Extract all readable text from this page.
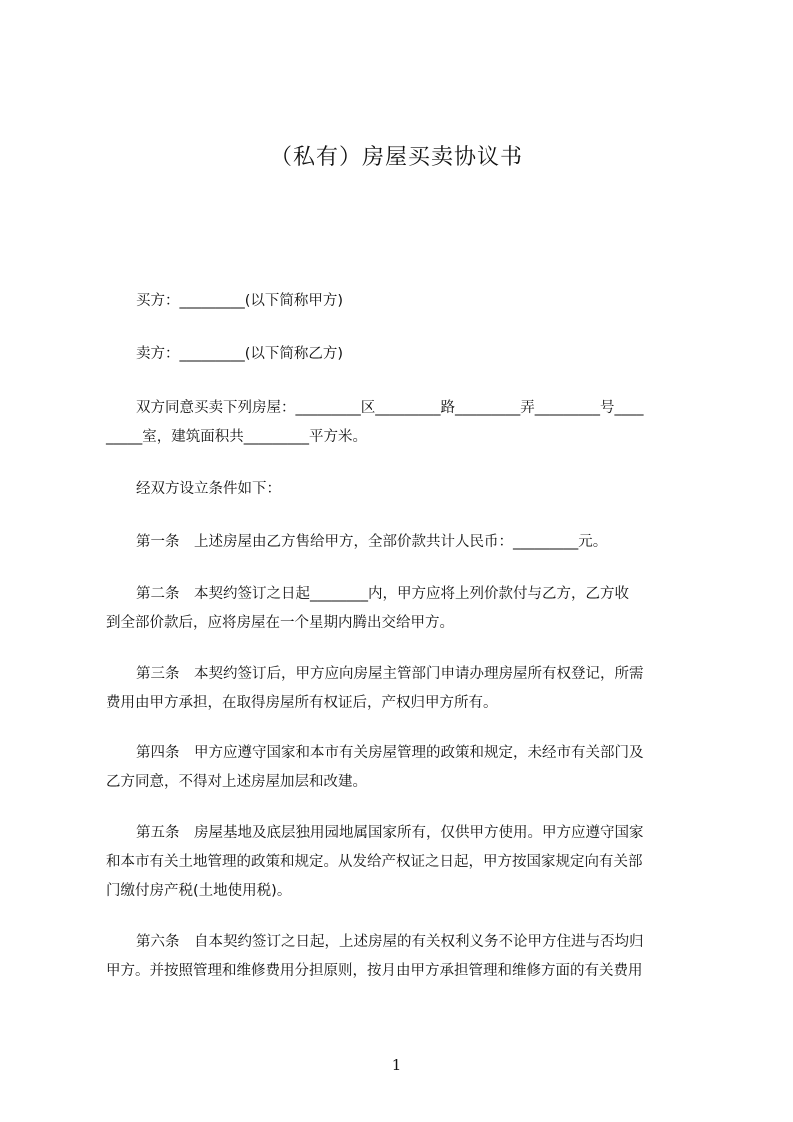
（私有）房屋买卖协议书

买方：_________(以下简称甲方)

卖方：_________(以下简称乙方)

双方同意买卖下列房屋：_________区_________路_________弄_________号____
_____室，建筑面积共_________平方米。

经双方设立条件如下：

第一条　上述房屋由乙方售给甲方，全部价款共计人民币：_________元。

第二条　本契约签订之日起________内，甲方应将上列价款付与乙方，乙方收
到全部价款后，应将房屋在一个星期内腾出交给甲方。

第三条　本契约签订后，甲方应向房屋主管部门申请办理房屋所有权登记，所需
费用由甲方承担，在取得房屋所有权证后，产权归甲方所有。

第四条　甲方应遵守国家和本市有关房屋管理的政策和规定，未经市有关部门及
乙方同意，不得对上述房屋加层和改建。

第五条　房屋基地及底层独用园地属国家所有，仅供甲方使用。甲方应遵守国家
和本市有关土地管理的政策和规定。从发给产权证之日起，甲方按国家规定向有关部
门缴付房产税(土地使用税)。

第六条　自本契约签订之日起，上述房屋的有关权利义务不论甲方住进与否均归
甲方。并按照管理和维修费用分担原则，按月由甲方承担管理和维修方面的有关费用

1
